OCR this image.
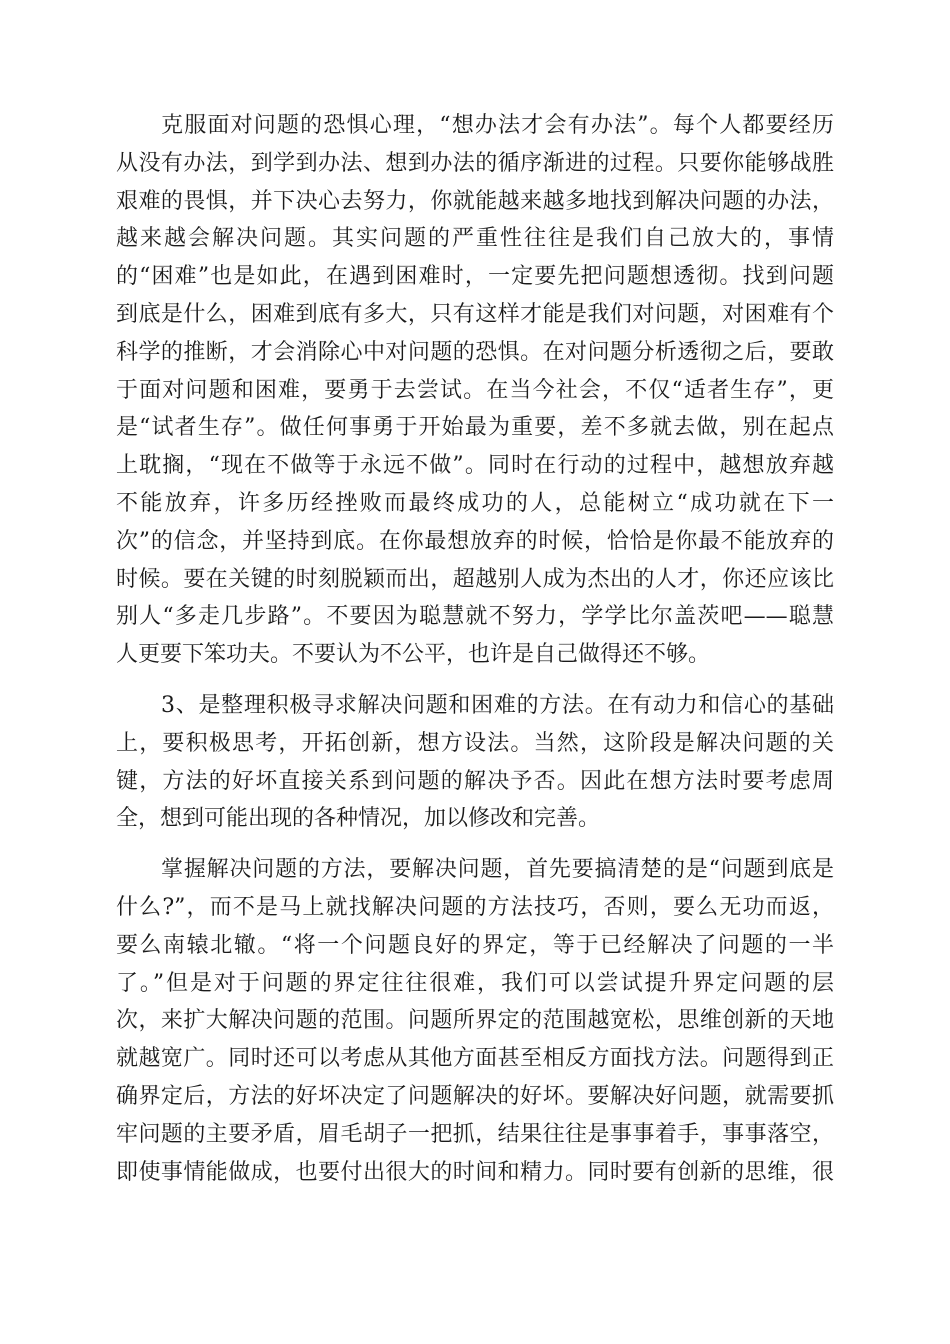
克服面对问题的恐惧心理，“想办法才会有办法”。每个人都要经历
从没有办法，到学到办法、想到办法的循序渐进的过程。只要你能够战胜
艰难的畏惧，并下决心去努力，你就能越来越多地找到解决问题的办法，
越来越会解决问题。其实问题的严重性往往是我们自己放大的，事情
的“困难”也是如此，在遇到困难时，一定要先把问题想透彻。找到问题
到底是什么，困难到底有多大，只有这样才能是我们对问题，对困难有个
科学的推断，才会消除心中对问题的恐惧。在对问题分析透彻之后，要敢
于面对问题和困难，要勇于去尝试。在当今社会，不仅“适者生存”，更
是“试者生存”。做任何事勇于开始最为重要，差不多就去做，别在起点
上耽搁，“现在不做等于永远不做”。同时在行动的过程中，越想放弃越
不能放弃，许多历经挫败而最终成功的人，总能树立“成功就在下一
次”的信念，并坚持到底。在你最想放弃的时候，恰恰是你最不能放弃的
时候。要在关键的时刻脱颖而出，超越别人成为杰出的人才，你还应该比
别人“多走几步路”。不要因为聪慧就不努力，学学比尔盖茨吧——聪慧
人更要下笨功夫。不要认为不公平，也许是自己做得还不够。
3、是整理积极寻求解决问题和困难的方法。在有动力和信心的基础
上，要积极思考，开拓创新，想方设法。当然，这阶段是解决问题的关
键，方法的好坏直接关系到问题的解决予否。因此在想方法时要考虑周
全，想到可能出现的各种情况，加以修改和完善。
掌握解决问题的方法，要解决问题，首先要搞清楚的是“问题到底是
什么?”，而不是马上就找解决问题的方法技巧，否则，要么无功而返，
要么南辕北辙。“将一个问题良好的界定，等于已经解决了问题的一半
了。”但是对于问题的界定往往很难，我们可以尝试提升界定问题的层
次，来扩大解决问题的范围。问题所界定的范围越宽松，思维创新的天地
就越宽广。同时还可以考虑从其他方面甚至相反方面找方法。问题得到正
确界定后，方法的好坏决定了问题解决的好坏。要解决好问题，就需要抓
牢问题的主要矛盾，眉毛胡子一把抓，结果往往是事事着手，事事落空，
即使事情能做成，也要付出很大的时间和精力。同时要有创新的思维，很
